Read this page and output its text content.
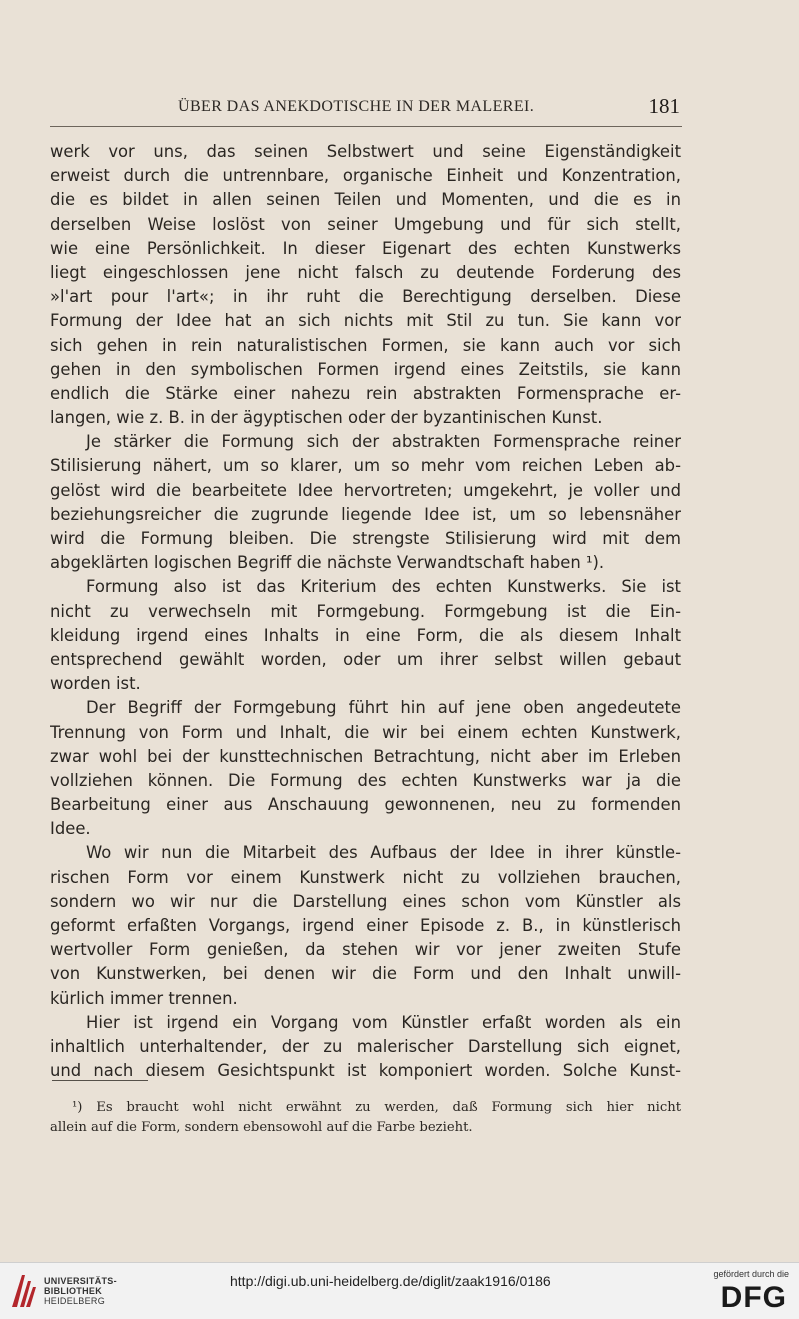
ÜBER DAS ANEKDOTISCHE IN DER MALEREI.	181
werk vor uns, das seinen Selbstwert und seine Eigenständigkeit
erweist durch die untrennbare, organische Einheit und Konzentration,
die es bildet in allen seinen Teilen und Momenten, und die es in
derselben Weise loslöst von seiner Umgebung und für sich stellt,
wie eine Persönlichkeit. In dieser Eigenart des echten Kunstwerks
liegt eingeschlossen jene nicht falsch zu deutende Forderung des
»l'art pour l'art«; in ihr ruht die Berechtigung derselben. Diese
Formung der Idee hat an sich nichts mit Stil zu tun. Sie kann vor
sich gehen in rein naturalistischen Formen, sie kann auch vor sich
gehen in den symbolischen Formen irgend eines Zeitstils, sie kann
endlich die Stärke einer nahezu rein abstrakten Formensprache er-
langen, wie z. B. in der ägyptischen oder der byzantinischen Kunst.
Je stärker die Formung sich der abstrakten Formensprache reiner
Stilisierung nähert, um so klarer, um so mehr vom reichen Leben ab-
gelöst wird die bearbeitete Idee hervortreten; umgekehrt, je voller und
beziehungsreicher die zugrunde liegende Idee ist, um so lebensnäher
wird die Formung bleiben. Die strengste Stilisierung wird mit dem
abgeklärten logischen Begriff die nächste Verwandtschaft haben ¹).
Formung also ist das Kriterium des echten Kunstwerks. Sie ist
nicht zu verwechseln mit Formgebung. Formgebung ist die Ein-
kleidung irgend eines Inhalts in eine Form, die als diesem Inhalt
entsprechend gewählt worden, oder um ihrer selbst willen gebaut
worden ist.
Der Begriff der Formgebung führt hin auf jene oben angedeutete
Trennung von Form und Inhalt, die wir bei einem echten Kunstwerk,
zwar wohl bei der kunsttechnischen Betrachtung, nicht aber im Erleben
vollziehen können. Die Formung des echten Kunstwerks war ja die
Bearbeitung einer aus Anschauung gewonnenen, neu zu formenden
Idee.
Wo wir nun die Mitarbeit des Aufbaus der Idee in ihrer künstle-
rischen Form vor einem Kunstwerk nicht zu vollziehen brauchen,
sondern wo wir nur die Darstellung eines schon vom Künstler als
geformt erfaßten Vorgangs, irgend einer Episode z. B., in künstlerisch
wertvoller Form genießen, da stehen wir vor jener zweiten Stufe
von Kunstwerken, bei denen wir die Form und den Inhalt unwill-
kürlich immer trennen.
Hier ist irgend ein Vorgang vom Künstler erfaßt worden als ein
inhaltlich unterhaltender, der zu malerischer Darstellung sich eignet,
und nach diesem Gesichtspunkt ist komponiert worden. Solche Kunst-
¹) Es braucht wohl nicht erwähnt zu werden, daß Formung sich hier nicht
allein auf die Form, sondern ebensowohl auf die Farbe bezieht.
UNIVERSITÄTS-
BIBLIOTHEK
HEIDELBERG
http://digi.ub.uni-heidelberg.de/diglit/zaak1916/0186	gefördert durch die
DFG
